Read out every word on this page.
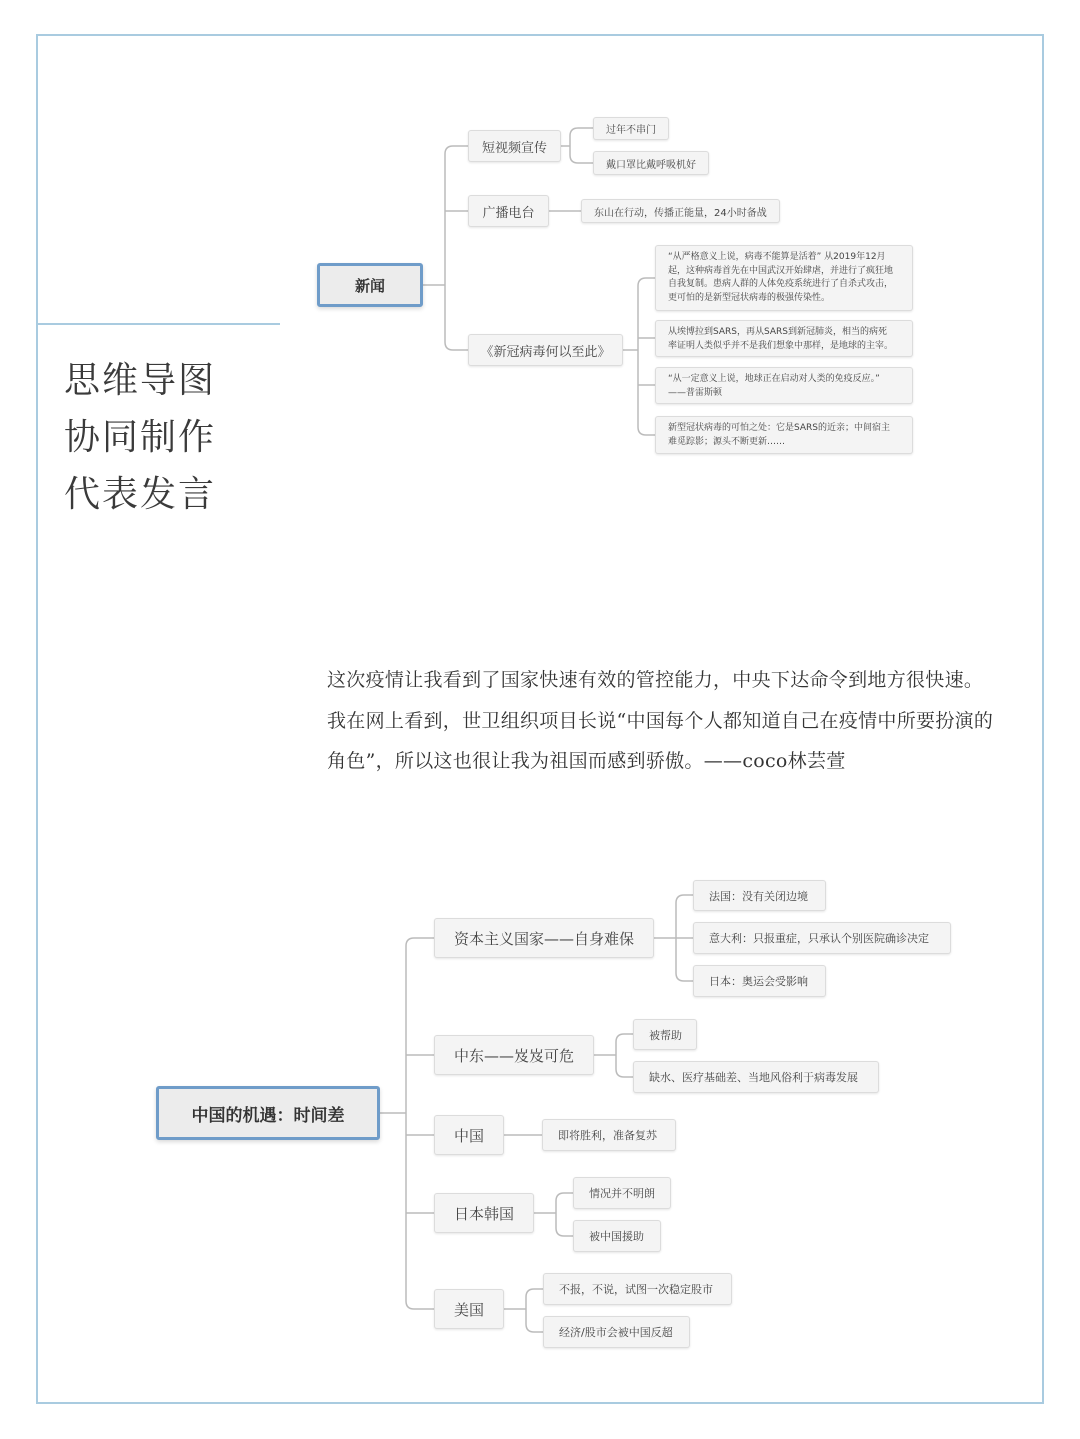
思维导图
协同制作
代表发言
新闻
短视频宣传
广播电台
《新冠病毒何以至此》
过年不串门
戴口罩比戴呼吸机好
东山在行动，传播正能量，24小时备战
“从严格意义上说，病毒不能算是活着” 从2019年12月
起，这种病毒首先在中国武汉开始肆虐，并进行了疯狂地
自我复制。患病人群的人体免疫系统进行了自杀式攻击，
更可怕的是新型冠状病毒的极强传染性。
从埃博拉到SARS，再从SARS到新冠肺炎，相当的病死
率证明人类似乎并不是我们想象中那样，是地球的主宰。
“从一定意义上说，地球正在启动对人类的免疫反应。”
——普雷斯顿
新型冠状病毒的可怕之处：它是SARS的近亲；中间宿主
难觅踪影；源头不断更新……
这次疫情让我看到了国家快速有效的管控能力，中央下达命令到地方很快速。
我在网上看到，世卫组织项目长说“中国每个人都知道自己在疫情中所要扮演的
角色”，所以这也很让我为祖国而感到骄傲。——coco林芸萱
中国的机遇：时间差
资本主义国家——自身难保
中东——岌岌可危
中国
日本韩国
美国
法国：没有关闭边境
意大利：只报重症，只承认个别医院确诊决定
日本：奥运会受影响
被帮助
缺水、医疗基础差、当地风俗利于病毒发展
即将胜利，准备复苏
情况并不明朗
被中国援助
不报，不说，试图一次稳定股市
经济/股市会被中国反超
